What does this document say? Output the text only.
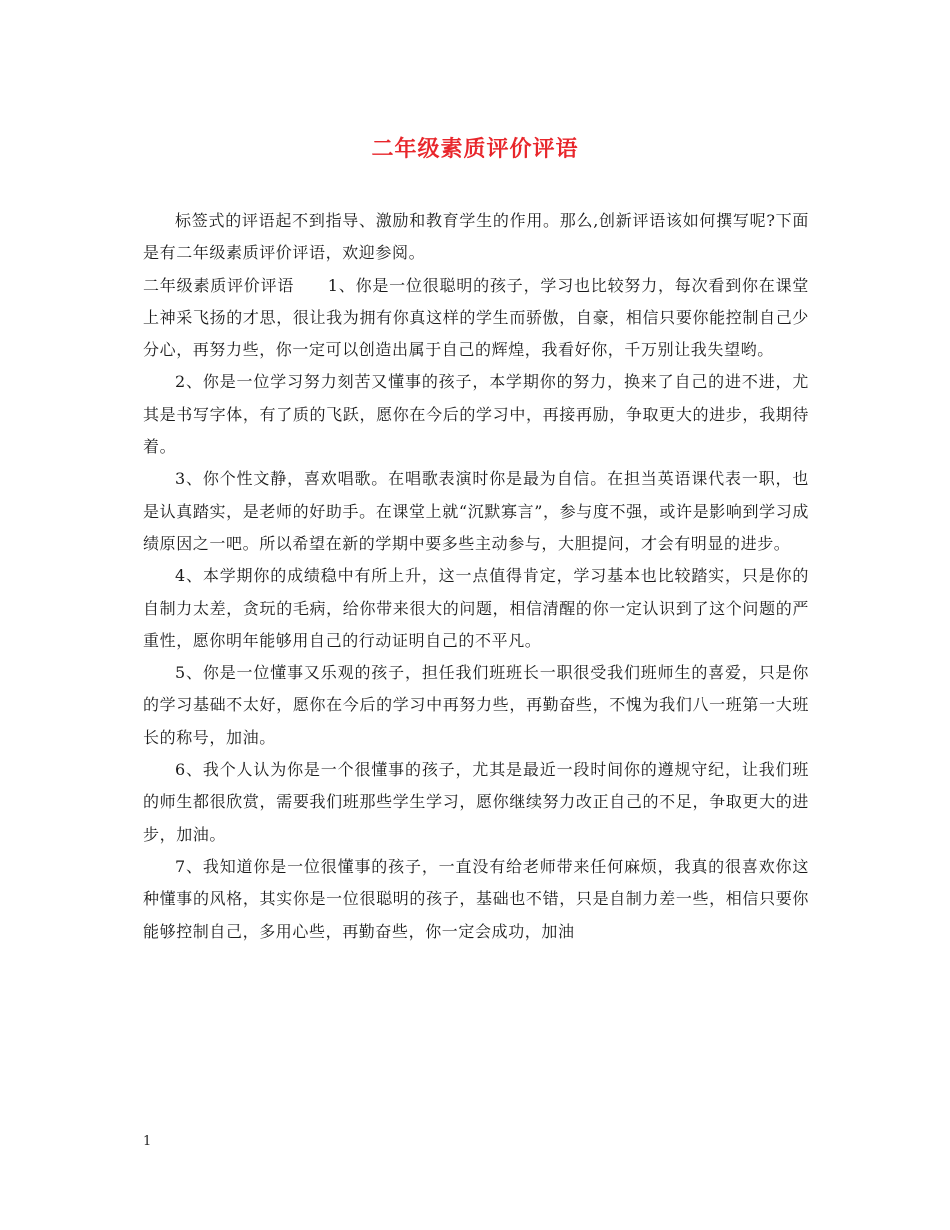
二年级素质评价评语

标签式的评语起不到指导、激励和教育学生的作用。那么,创新评语该如何撰写呢?下面是有二年级素质评价评语，欢迎参阅。

二年级素质评价评语　　1、你是一位很聪明的孩子，学习也比较努力，每次看到你在课堂上神采飞扬的才思，很让我为拥有你真这样的学生而骄傲，自豪，相信只要你能控制自己少分心，再努力些，你一定可以创造出属于自己的辉煌，我看好你，千万别让我失望哟。

2、你是一位学习努力刻苦又懂事的孩子，本学期你的努力，换来了自己的进不进，尤其是书写字体，有了质的飞跃，愿你在今后的学习中，再接再励，争取更大的进步，我期待着。

3、你个性文静，喜欢唱歌。在唱歌表演时你是最为自信。在担当英语课代表一职，也是认真踏实，是老师的好助手。在课堂上就“沉默寡言”，参与度不强，或许是影响到学习成绩原因之一吧。所以希望在新的学期中要多些主动参与，大胆提问，才会有明显的进步。

4、本学期你的成绩稳中有所上升，这一点值得肯定，学习基本也比较踏实，只是你的自制力太差，贪玩的毛病，给你带来很大的问题，相信清醒的你一定认识到了这个问题的严重性，愿你明年能够用自己的行动证明自己的不平凡。

5、你是一位懂事又乐观的孩子，担任我们班班长一职很受我们班师生的喜爱，只是你的学习基础不太好，愿你在今后的学习中再努力些，再勤奋些，不愧为我们八一班第一大班长的称号，加油。

6、我个人认为你是一个很懂事的孩子，尤其是最近一段时间你的遵规守纪，让我们班的师生都很欣赏，需要我们班那些学生学习，愿你继续努力改正自己的不足，争取更大的进步，加油。

7、我知道你是一位很懂事的孩子，一直没有给老师带来任何麻烦，我真的很喜欢你这种懂事的风格，其实你是一位很聪明的孩子，基础也不错，只是自制力差一些，相信只要你能够控制自己，多用心些，再勤奋些，你一定会成功，加油

1
